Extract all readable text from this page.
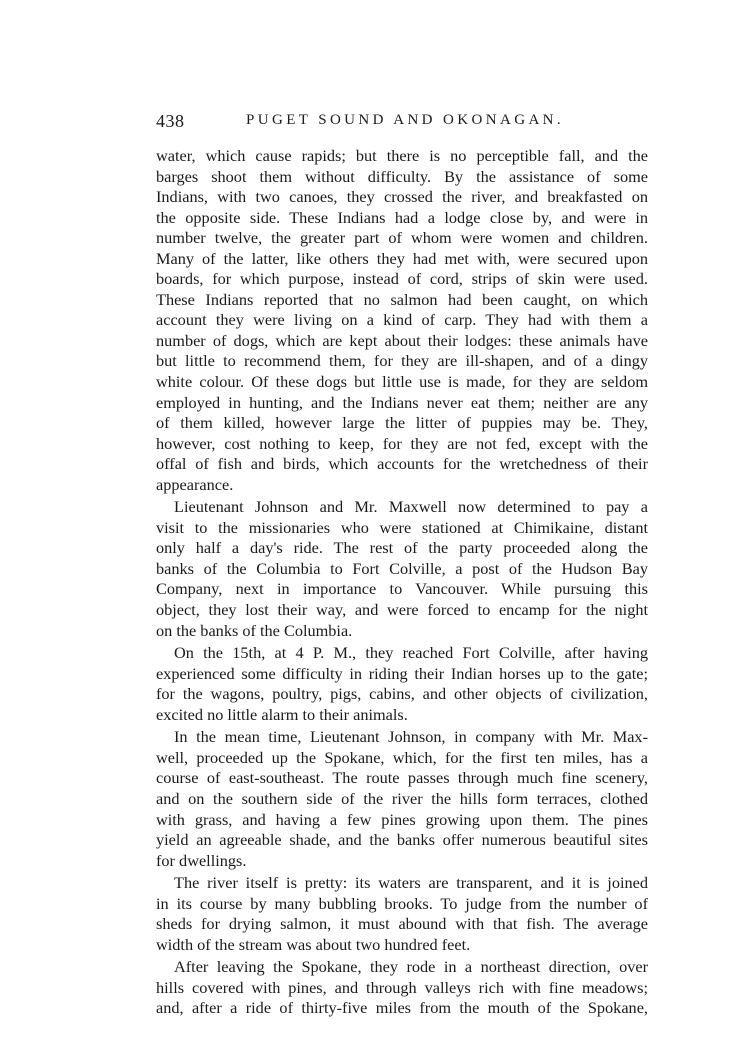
438	PUGET SOUND AND OKONAGAN.
water, which cause rapids; but there is no perceptible fall, and the
barges shoot them without difficulty. By the assistance of some
Indians, with two canoes, they crossed the river, and breakfasted on
the opposite side. These Indians had a lodge close by, and were in
number twelve, the greater part of whom were women and children.
Many of the latter, like others they had met with, were secured upon
boards, for which purpose, instead of cord, strips of skin were used.
These Indians reported that no salmon had been caught, on which
account they were living on a kind of carp. They had with them a
number of dogs, which are kept about their lodges: these animals have
but little to recommend them, for they are ill-shapen, and of a dingy
white colour. Of these dogs but little use is made, for they are seldom
employed in hunting, and the Indians never eat them; neither are any
of them killed, however large the litter of puppies may be. They,
however, cost nothing to keep, for they are not fed, except with the
offal of fish and birds, which accounts for the wretchedness of their
appearance.
Lieutenant Johnson and Mr. Maxwell now determined to pay a
visit to the missionaries who were stationed at Chimikaine, distant
only half a day's ride. The rest of the party proceeded along the
banks of the Columbia to Fort Colville, a post of the Hudson Bay
Company, next in importance to Vancouver. While pursuing this
object, they lost their way, and were forced to encamp for the night
on the banks of the Columbia.
On the 15th, at 4 P. M., they reached Fort Colville, after having
experienced some difficulty in riding their Indian horses up to the gate;
for the wagons, poultry, pigs, cabins, and other objects of civilization,
excited no little alarm to their animals.
In the mean time, Lieutenant Johnson, in company with Mr. Max-
well, proceeded up the Spokane, which, for the first ten miles, has a
course of east-southeast. The route passes through much fine scenery,
and on the southern side of the river the hills form terraces, clothed
with grass, and having a few pines growing upon them. The pines
yield an agreeable shade, and the banks offer numerous beautiful sites
for dwellings.
The river itself is pretty: its waters are transparent, and it is joined
in its course by many bubbling brooks. To judge from the number of
sheds for drying salmon, it must abound with that fish. The average
width of the stream was about two hundred feet.
After leaving the Spokane, they rode in a northeast direction, over
hills covered with pines, and through valleys rich with fine meadows;
and, after a ride of thirty-five miles from the mouth of the Spokane,
